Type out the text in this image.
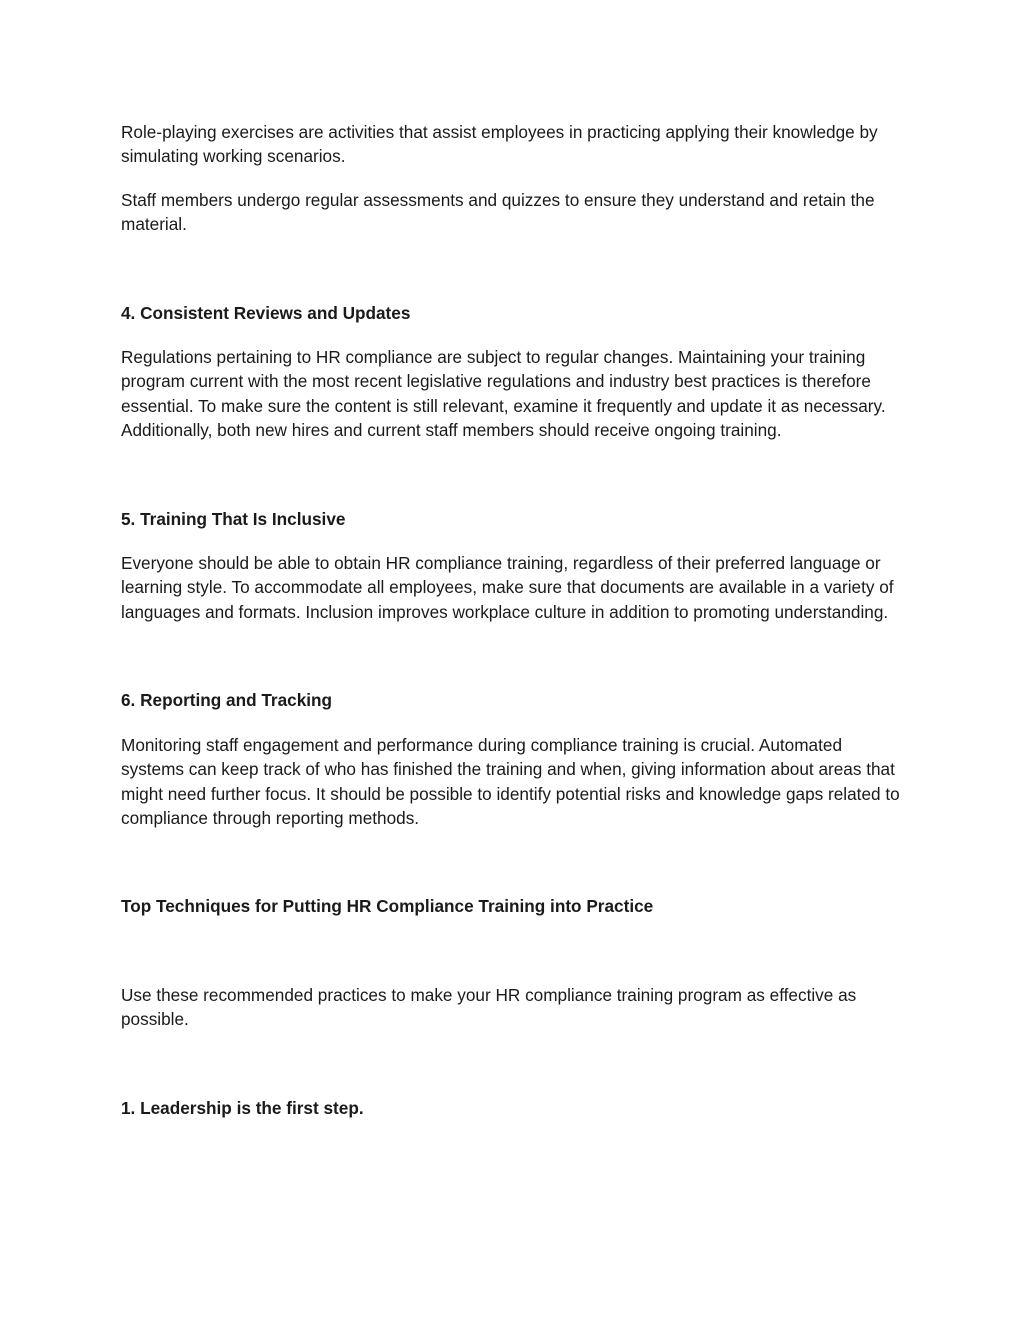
Role-playing exercises are activities that assist employees in practicing applying their knowledge by simulating working scenarios.

Staff members undergo regular assessments and quizzes to ensure they understand and retain the material.

4. Consistent Reviews and Updates

Regulations pertaining to HR compliance are subject to regular changes. Maintaining your training program current with the most recent legislative regulations and industry best practices is therefore essential. To make sure the content is still relevant, examine it frequently and update it as necessary. Additionally, both new hires and current staff members should receive ongoing training.

5. Training That Is Inclusive

Everyone should be able to obtain HR compliance training, regardless of their preferred language or learning style. To accommodate all employees, make sure that documents are available in a variety of languages and formats. Inclusion improves workplace culture in addition to promoting understanding.

6. Reporting and Tracking

Monitoring staff engagement and performance during compliance training is crucial. Automated systems can keep track of who has finished the training and when, giving information about areas that might need further focus. It should be possible to identify potential risks and knowledge gaps related to compliance through reporting methods.

Top Techniques for Putting HR Compliance Training into Practice

Use these recommended practices to make your HR compliance training program as effective as possible.

1. Leadership is the first step.
